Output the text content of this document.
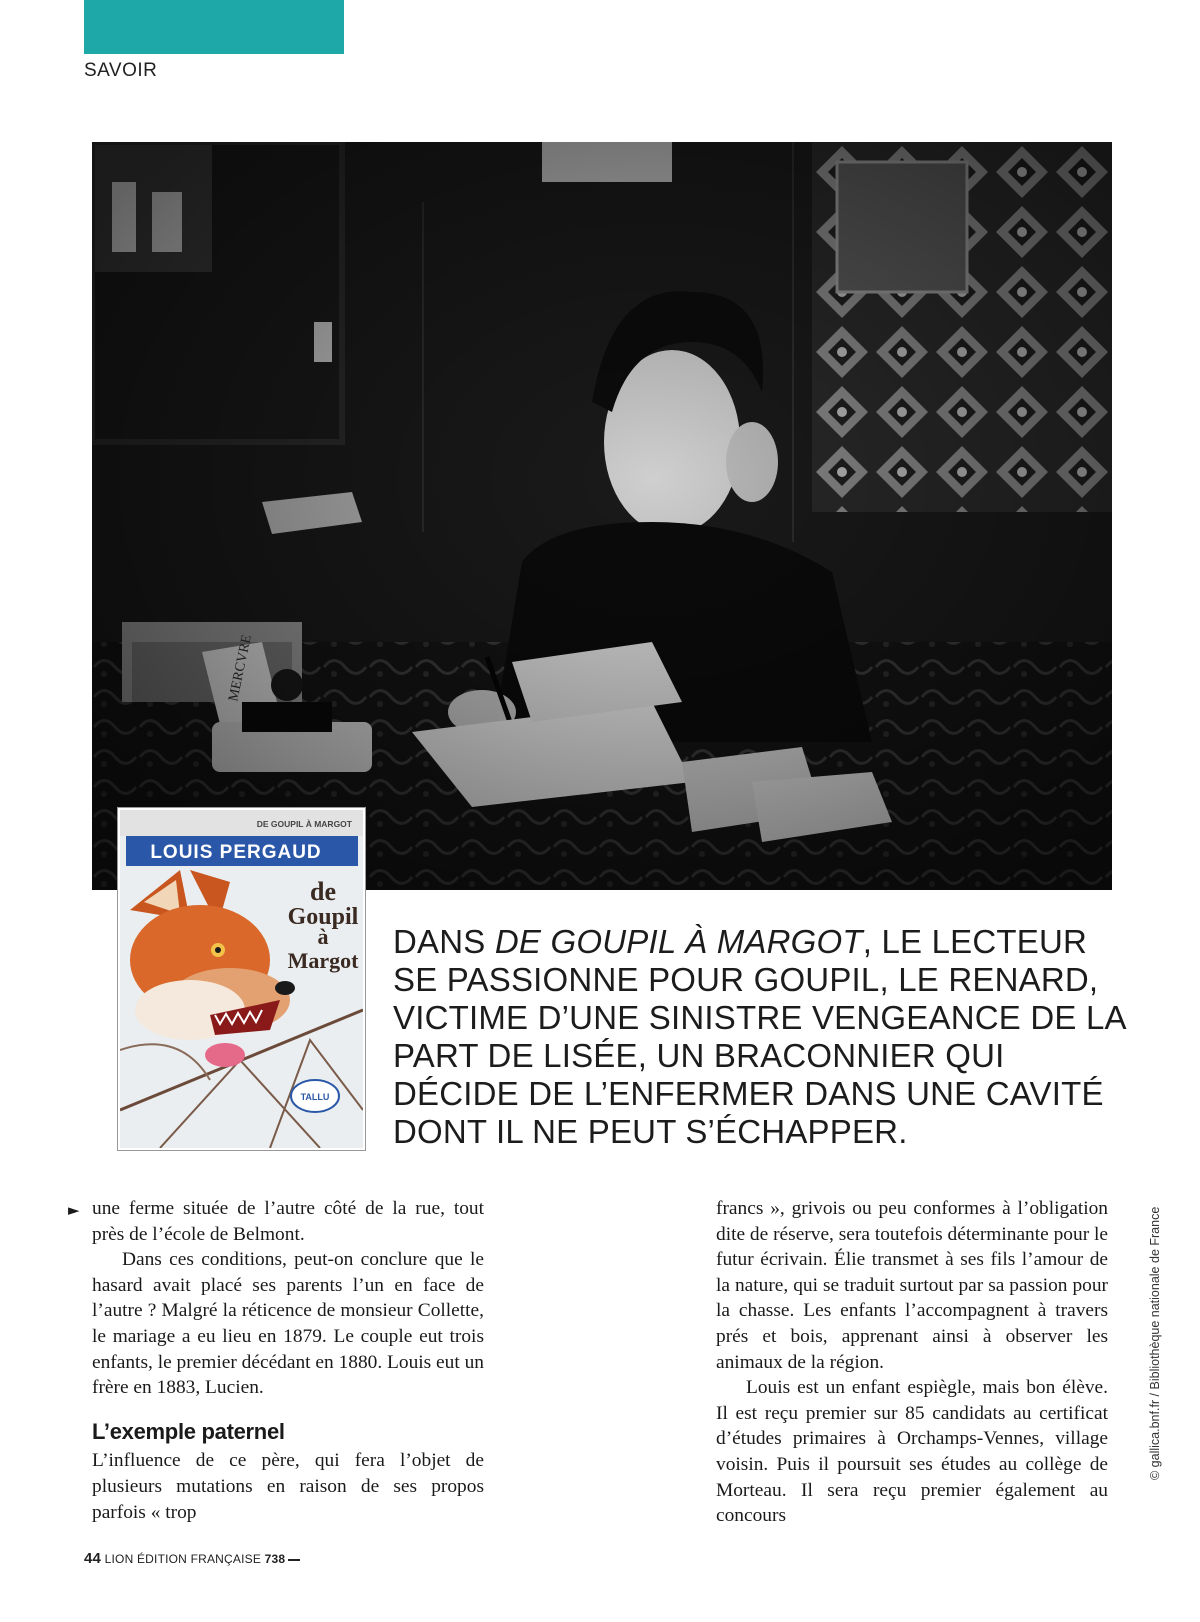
SAVOIR
DE GOUPIL À MARGOT
LOUIS PERGAUD
de
Goupil
à
Margot
TALLU
DANS DE GOUPIL À MARGOT, LE LECTEUR SE PASSIONNE POUR GOUPIL, LE RENARD, VICTIME D’UNE SINISTRE VENGEANCE DE LA PART DE LISÉE, UN BRACONNIER QUI DÉCIDE DE L’ENFERMER DANS UNE CAVITÉ DONT IL NE PEUT S’ÉCHAPPER.
► une ferme située de l’autre côté de la rue, tout près de l’école de Belmont.

Dans ces conditions, peut-on conclure que le hasard avait placé ses parents l’un en face de l’autre ? Malgré la réticence de monsieur Collette, le mariage a eu lieu en 1879. Le couple eut trois enfants, le premier décédant en 1880. Louis eut un frère en 1883, Lucien.

L’exemple paternel

L’influence de ce père, qui fera l’objet de plusieurs mutations en raison de ses propos parfois « trop

francs », grivois ou peu conformes à l’obligation dite de réserve, sera toutefois déterminante pour le futur écrivain. Élie transmet à ses fils l’amour de la nature, qui se traduit surtout par sa passion pour la chasse. Les enfants l’accompagnent à travers prés et bois, apprenant ainsi à observer les animaux de la région.

Louis est un enfant espiègle, mais bon élève. Il est reçu premier sur 85 candidats au certificat d’études primaires à Orchamps-Vennes, village voisin. Puis il poursuit ses études au collège de Morteau. Il sera reçu premier également au concours

© gallica.bnf.fr / Bibliothèque nationale de France
44 LION ÉDITION FRANÇAISE 738
